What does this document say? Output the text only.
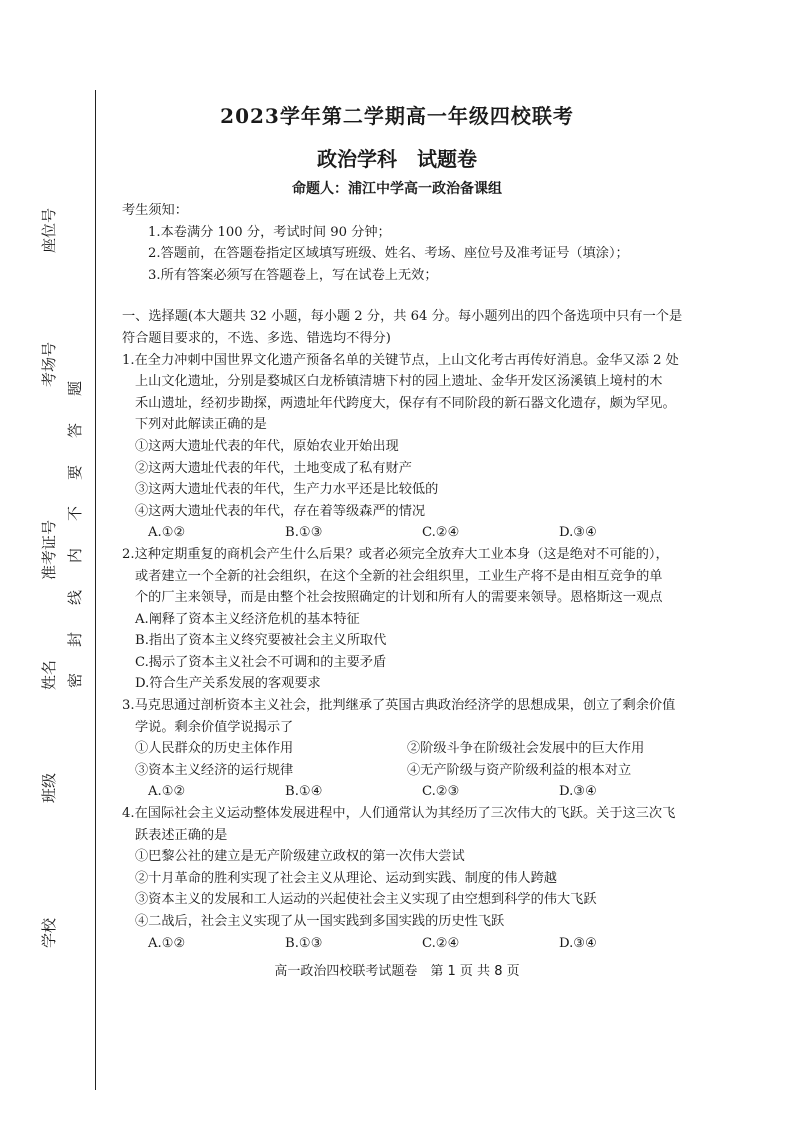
座位号
考场号
准考证号
姓名
班级
学校
题
答
要
不
内
线
封
密
2023学年第二学期高一年级四校联考
政治学科　试题卷
命题人：浦江中学高一政治备课组

考生须知：

1.本卷满分 100 分，考试时间 90 分钟；

2.答题前，在答题卷指定区域填写班级、姓名、考场、座位号及准考证号（填涂）；

3.所有答案必须写在答题卷上，写在试卷上无效；

一、选择题(本大题共 32 小题，每小题 2 分，共 64 分。每小题列出的四个备选项中只有一个是

符合题目要求的，不选、多选、错选均不得分)

1.在全力冲刺中国世界文化遗产预备名单的关键节点，上山文化考古再传好消息。金华又添 2 处

上山文化遗址，分别是婺城区白龙桥镇清塘下村的园上遗址、金华开发区汤溪镇上境村的木

禾山遗址，经初步勘探，两遗址年代跨度大，保存有不同阶段的新石器文化遗存，颇为罕见。

下列对此解读正确的是

①这两大遗址代表的年代，原始农业开始出现

②这两大遗址代表的年代，土地变成了私有财产

③这两大遗址代表的年代，生产力水平还是比较低的

④这两大遗址代表的年代，存在着等级森严的情况

A.①②	B.①③	C.②④	D.③④

2.这种定期重复的商机会产生什么后果？或者必须完全放弃大工业本身（这是绝对不可能的），

或者建立一个全新的社会组织，在这个全新的社会组织里，工业生产将不是由相互竞争的单

个的厂主来领导，而是由整个社会按照确定的计划和所有人的需要来领导。恩格斯这一观点

A.阐释了资本主义经济危机的基本特征

B.指出了资本主义终究要被社会主义所取代

C.揭示了资本主义社会不可调和的主要矛盾

D.符合生产关系发展的客观要求

3.马克思通过剖析资本主义社会，批判继承了英国古典政治经济学的思想成果，创立了剩余价值

学说。剩余价值学说揭示了

①人民群众的历史主体作用	②阶级斗争在阶级社会发展中的巨大作用
③资本主义经济的运行规律	④无产阶级与资产阶级利益的根本对立
A.①②	B.①④	C.②③	D.③④

4.在国际社会主义运动整体发展进程中，人们通常认为其经历了三次伟大的飞跃。关于这三次飞

跃表述正确的是

①巴黎公社的建立是无产阶级建立政权的第一次伟大尝试

②十月革命的胜利实现了社会主义从理论、运动到实践、制度的伟人跨越

③资本主义的发展和工人运动的兴起使社会主义实现了由空想到科学的伟大飞跃

④二战后，社会主义实现了从一国实践到多国实践的历史性飞跃

A.①②	B.①③	C.②④	D.③④
高一政治四校联考试题卷　第 1 页 共 8 页
